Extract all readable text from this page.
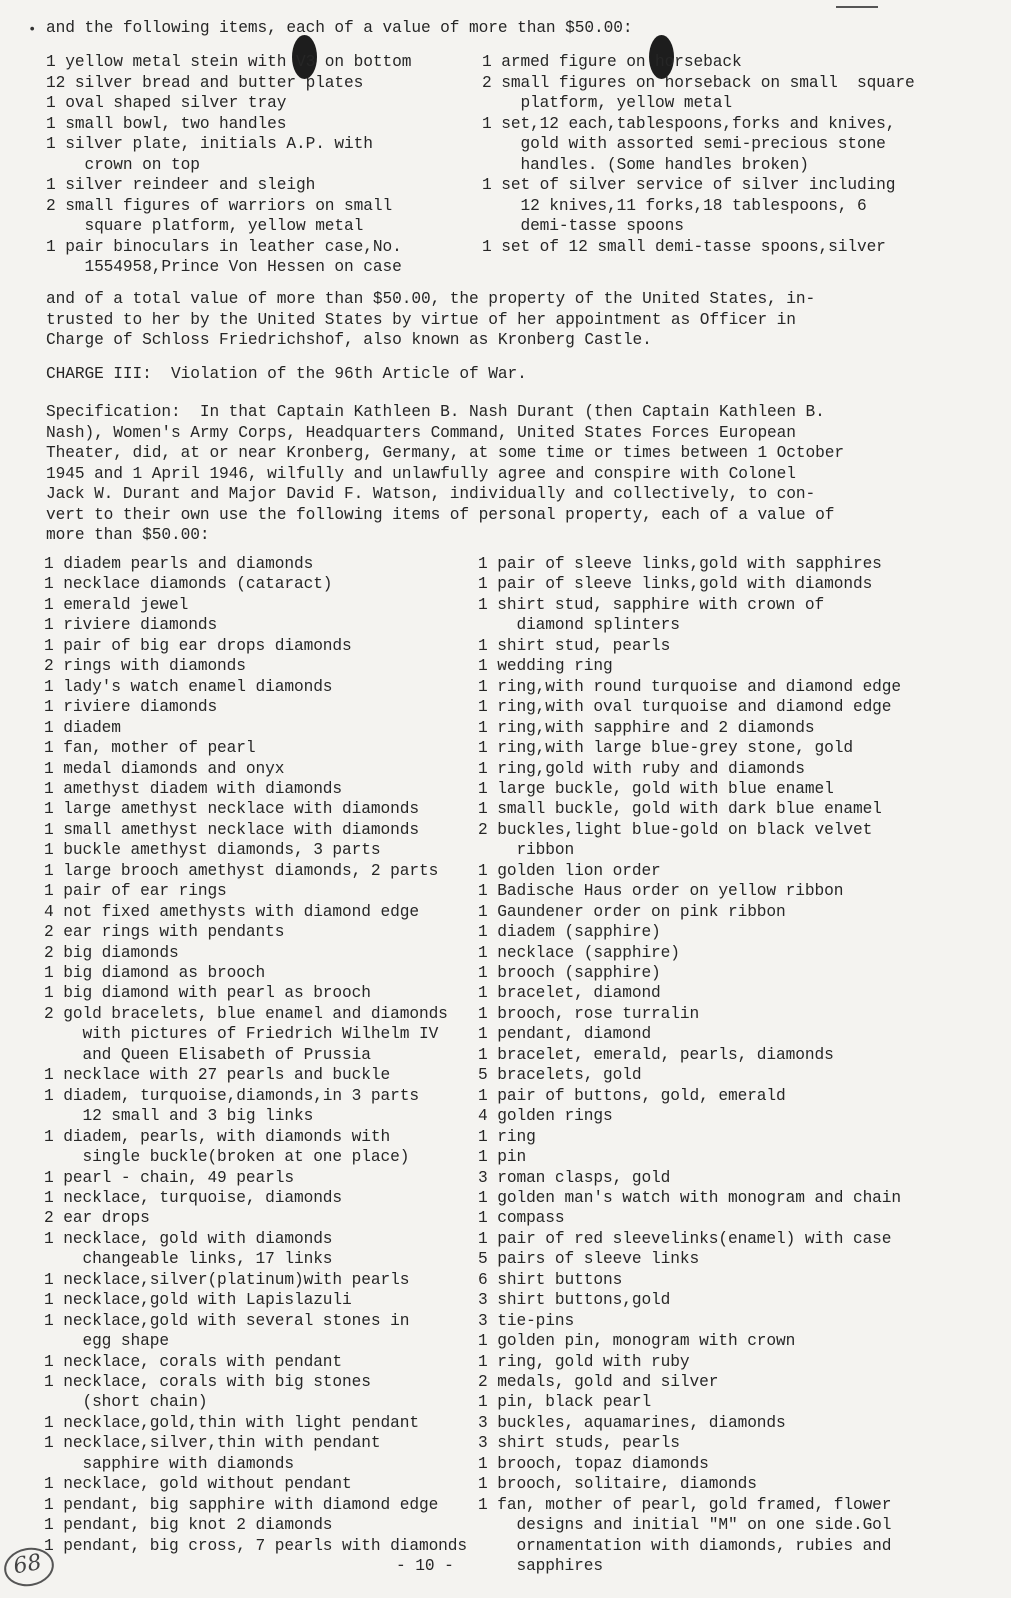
• and the following items, each of a value of more than $50.00:
1 yellow metal stein with V3 on bottom
12 silver bread and butter plates
1 oval shaped silver tray
1 small bowl, two handles
1 silver plate, initials A.P. with
crown on top
1 silver reindeer and sleigh
2 small figures of warriors on small
square platform, yellow metal
1 pair binoculars in leather case,No.
1554958,Prince Von Hessen on case
1 armed figure on horseback
2 small figures on horseback on small  square
platform, yellow metal
1 set,12 each,tablespoons,forks and knives,
gold with assorted semi-precious stone
handles. (Some handles broken)
1 set of silver service of silver including
12 knives,11 forks,18 tablespoons, 6
demi-tasse spoons
1 set of 12 small demi-tasse spoons,silver
and of a total value of more than $50.00, the property of the United States, in-
trusted to her by the United States by virtue of her appointment as Officer in
Charge of Schloss Friedrichshof, also known as Kronberg Castle.
CHARGE III:  Violation of the 96th Article of War.
Specification:  In that Captain Kathleen B. Nash Durant (then Captain Kathleen B.
Nash), Women's Army Corps, Headquarters Command, United States Forces European
Theater, did, at or near Kronberg, Germany, at some time or times between 1 October
1945 and 1 April 1946, wilfully and unlawfully agree and conspire with Colonel
Jack W. Durant and Major David F. Watson, individually and collectively, to con-
vert to their own use the following items of personal property, each of a value of
more than $50.00:
1 diadem pearls and diamonds
1 necklace diamonds (cataract)
1 emerald jewel
1 riviere diamonds
1 pair of big ear drops diamonds
2 rings with diamonds
1 lady's watch enamel diamonds
1 riviere diamonds
1 diadem
1 fan, mother of pearl
1 medal diamonds and onyx
1 amethyst diadem with diamonds
1 large amethyst necklace with diamonds
1 small amethyst necklace with diamonds
1 buckle amethyst diamonds, 3 parts
1 large brooch amethyst diamonds, 2 parts
1 pair of ear rings
4 not fixed amethysts with diamond edge
2 ear rings with pendants
2 big diamonds
1 big diamond as brooch
1 big diamond with pearl as brooch
2 gold bracelets, blue enamel and diamonds
with pictures of Friedrich Wilhelm IV
and Queen Elisabeth of Prussia
1 necklace with 27 pearls and buckle
1 diadem, turquoise,diamonds,in 3 parts
12 small and 3 big links
1 diadem, pearls, with diamonds with
single buckle(broken at one place)
1 pearl - chain, 49 pearls
1 necklace, turquoise, diamonds
2 ear drops
1 necklace, gold with diamonds
changeable links, 17 links
1 necklace,silver(platinum)with pearls
1 necklace,gold with Lapislazuli
1 necklace,gold with several stones in
egg shape
1 necklace, corals with pendant
1 necklace, corals with big stones
(short chain)
1 necklace,gold,thin with light pendant
1 necklace,silver,thin with pendant
sapphire with diamonds
1 necklace, gold without pendant
1 pendant, big sapphire with diamond edge
1 pendant, big knot 2 diamonds
1 pendant, big cross, 7 pearls with diamonds
1 pair of sleeve links,gold with sapphires
1 pair of sleeve links,gold with diamonds
1 shirt stud, sapphire with crown of
diamond splinters
1 shirt stud, pearls
1 wedding ring
1 ring,with round turquoise and diamond edge
1 ring,with oval turquoise and diamond edge
1 ring,with sapphire and 2 diamonds
1 ring,with large blue-grey stone, gold
1 ring,gold with ruby and diamonds
1 large buckle, gold with blue enamel
1 small buckle, gold with dark blue enamel
2 buckles,light blue-gold on black velvet
ribbon
1 golden lion order
1 Badische Haus order on yellow ribbon
1 Gaundener order on pink ribbon
1 diadem (sapphire)
1 necklace (sapphire)
1 brooch (sapphire)
1 bracelet, diamond
1 brooch, rose turralin
1 pendant, diamond
1 bracelet, emerald, pearls, diamonds
5 bracelets, gold
1 pair of buttons, gold, emerald
4 golden rings
1 ring
1 pin
3 roman clasps, gold
1 golden man's watch with monogram and chain
1 compass
1 pair of red sleevelinks(enamel) with case
5 pairs of sleeve links
6 shirt buttons
3 shirt buttons,gold
3 tie-pins
1 golden pin, monogram with crown
1 ring, gold with ruby
2 medals, gold and silver
1 pin, black pearl
3 buckles, aquamarines, diamonds
3 shirt studs, pearls
1 brooch, topaz diamonds
1 brooch, solitaire, diamonds
1 fan, mother of pearl, gold framed, flower
designs and initial "M" on one side.Gol
ornamentation with diamonds, rubies and
sapphires
- 10 -
68
